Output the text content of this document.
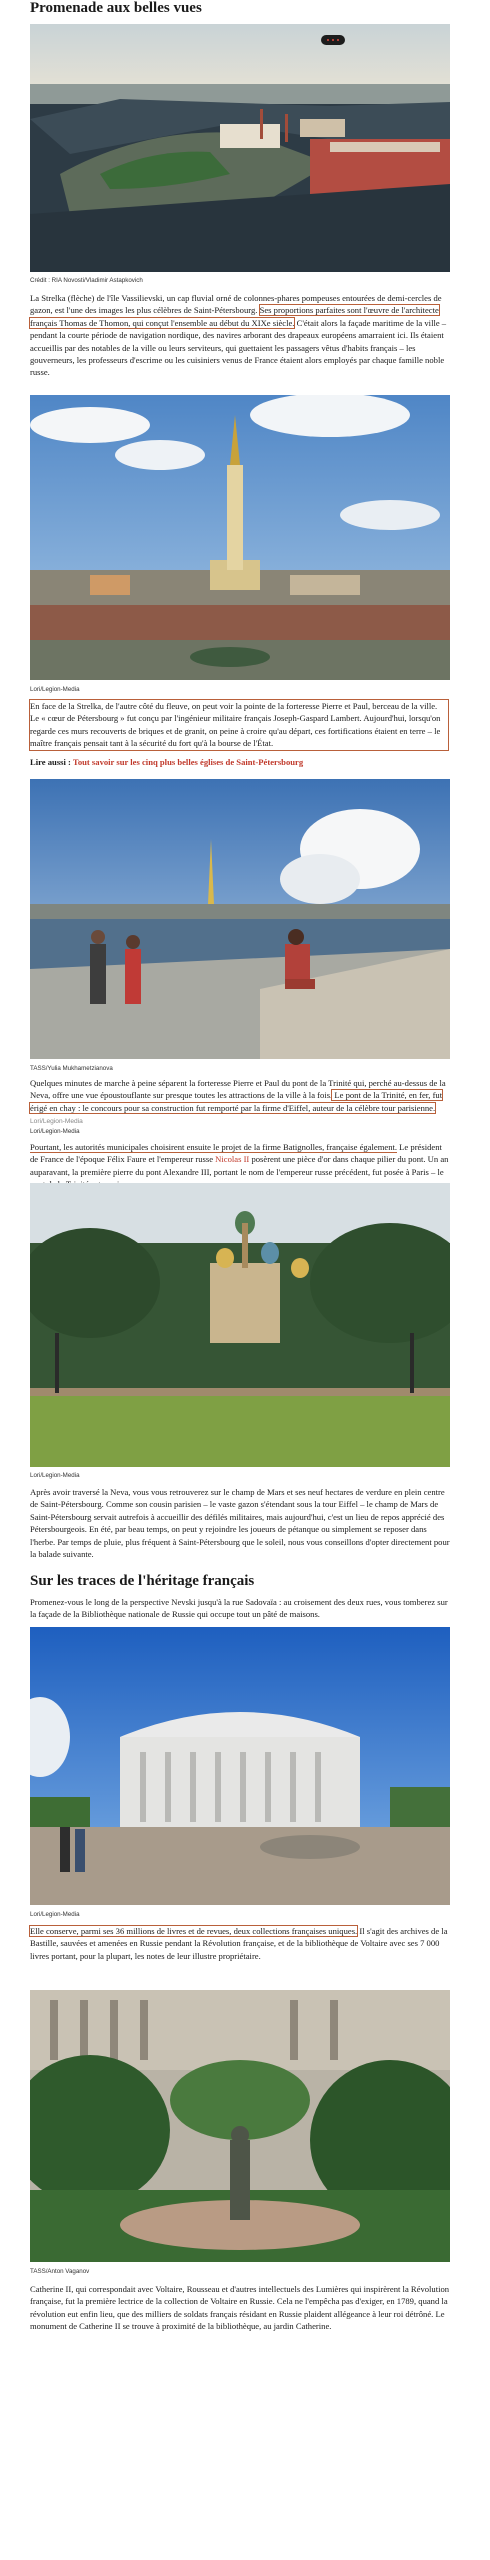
Promenade aux belles vues
Crédit : RIA Novosti/Vladimir Astapkovich

La Strelka (flèche) de l'île Vassilievski, un cap fluvial orné de colonnes-phares pompeuses entourées de demi-cercles de gazon, est l'une des images les plus célèbres de Saint-Pétersbourg. Ses proportions parfaites sont l'œuvre de l'architecte français Thomas de Thomon, qui conçut l'ensemble au début du XIXe siècle. C'était alors la façade maritime de la ville – pendant la courte période de navigation nordique, des navires arborant des drapeaux européens amarraient ici. Ils étaient accueillis par des notables de la ville ou leurs serviteurs, qui guettaient les passagers vêtus d'habits français – les gouverneurs, les professeurs d'escrime ou les cuisiniers venus de France étaient alors employés par chaque famille noble russe.

Lori/Legion-Media

En face de la Strelka, de l'autre côté du fleuve, on peut voir la pointe de la forteresse Pierre et Paul, berceau de la ville. Le « cœur de Pétersbourg » fut conçu par l'ingénieur militaire français Joseph-Gaspard Lambert. Aujourd'hui, lorsqu'on regarde ces murs recouverts de briques et de granit, on peine à croire qu'au départ, ces fortifications étaient en terre – le maître français pensait tant à la sécurité du fort qu'à la bourse de l'État.

Lire aussi : Tout savoir sur les cinq plus belles églises de Saint-Pétersbourg

TASS/Yulia Mukhametzianova

Quelques minutes de marche à peine séparent la forteresse Pierre et Paul du pont de la Trinité qui, perché au-dessus de la Neva, offre une vue époustouflante sur presque toutes les attractions de la ville à la fois. Le pont de la Trinité, en fer, fut érigé en chay : le concours pour sa construction fut remporté par la firme d'Eiffel, auteur de la célèbre tour parisienne.

Lori/Legion-Media
Lori/Legion-Media

Pourtant, les autorités municipales choisirent ensuite le projet de la firme Batignolles, française également. Le président de France de l'époque Félix Faure et l'empereur russe Nicolas II posèrent une pièce d'or dans chaque pilier du pont. Un an auparavant, la première pierre du pont Alexandre III, portant le nom de l'empereur russe précédent, fut posée à Paris – le

Lori/Legion-Media

Après avoir traversé la Neva, vous vous retrouverez sur le champ de Mars et ses neuf hectares de verdure en plein centre de Saint-Pétersbourg. Comme son cousin parisien – le vaste gazon s'étendant sous la tour Eiffel – le champ de Mars de Saint-Pétersbourg servait autrefois à accueillir des défilés militaires, mais aujourd'hui, c'est un lieu de repos apprécié des Pétersbourgeois. En été, par beau temps, on peut y rejoindre les joueurs de pétanque ou simplement se reposer dans l'herbe. Par temps de pluie, plus fréquent à Saint-Pétersbourg que le soleil, nous vous conseillons d'opter directement pour la balade suivante.

Sur les traces de l'héritage français

Promenez-vous le long de la perspective Nevski jusqu'à la rue Sadovaïa : au croisement des deux rues, vous tomberez sur la façade de la Bibliothèque nationale de Russie qui occupe tout un pâté de maisons.

Lori/Legion-Media

Elle conserve, parmi ses 36 millions de livres et de revues, deux collections françaises uniques. Il s'agit des archives de la Bastille, sauvées et amenées en Russie pendant la Révolution française, et de la bibliothèque de Voltaire avec ses 7 000 livres portant, pour la plupart, les notes de leur illustre propriétaire.

TASS/Anton Vaganov

Catherine II, qui correspondait avec Voltaire, Rousseau et d'autres intellectuels des Lumières qui inspirèrent la Révolution française, fut la première lectrice de la collection de Voltaire en Russie. Cela ne l'empêcha pas d'exiger, en 1789, quand la révolution eut enfin lieu, que des milliers de soldats français résidant en Russie plaident allégeance à leur roi détrôné. Le monument de Catherine II se trouve à proximité de la bibliothèque, au jardin Catherine.
